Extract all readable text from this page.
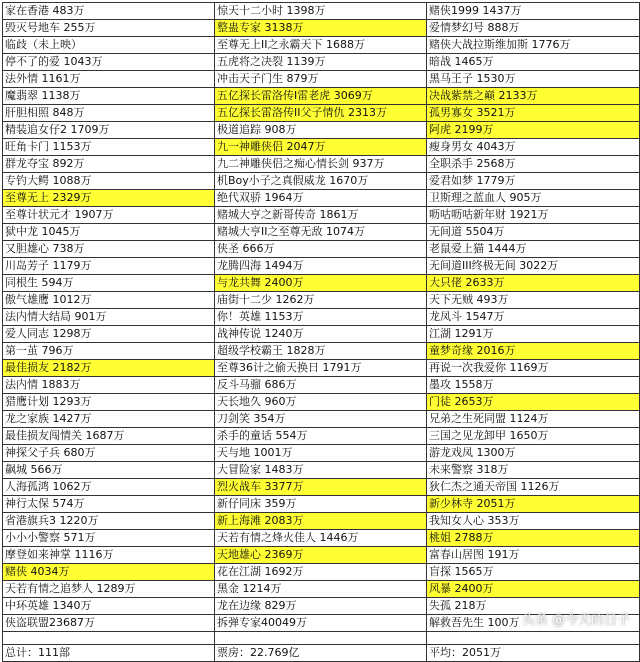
家在香港 483万	惊天十二小时 1398万	赌侠1999 1437万
毁灭号地车 255万	整蛊专家 3138万	爱情梦幻号 888万
临歧（未上映）	至尊无上II之永霸天下 1688万	赌侠大战拉斯维加斯 1776万
停不了的爱 1043万	五虎将之决裂 1139万	暗战 1465万
法外情 1161万	冲击天子门生 879万	黑马王子 1530万
魔翡翠 1138万	五亿探长雷洛传I雷老虎 3069万	决战紫禁之巅 2133万
肝胆相照 848万	五亿探长雷洛传II父子情仇 2313万	孤男寡女 3521万
精装追女仔2 1709万	极道追踪 908万	阿虎 2199万
旺角卡门 1153万	九一神雕侠侣 2047万	瘦身男女 4043万
群龙夺宝 892万	九二神雕侠侣之痴心情长剑 937万	全职杀手 2568万
专钓大鳄 1088万	机Boy小子之真假威龙 1670万	爱君如梦 1779万
至尊无上 2329万	绝代双骄 1964万	卫斯理之蓝血人 905万
至尊计状元才 1907万	赌城大亨之新哥传奇 1861万	呖咕呖咕新年财 1921万
狱中龙 1045万	赌城大亨II之至尊无敌 1074万	无间道 5504万
又胆雄心 738万	侠圣 666万	老鼠爱上猫 1444万
川岛芳子 1179万	龙腾四海 1494万	无间道III终极无间 3022万
同根生 594万	与龙共舞 2400万	大只佬 2633万
傲气雄鹰 1012万	庙街十二少 1262万	天下无贼 493万
法内情大结局 901万	你！英雄 1153万	龙凤斗 1547万
爱人同志 1298万	战神传说 1240万	江湖 1291万
第一茧 796万	超级学校霸王 1828万	童梦奇缘 2016万
最佳损友 2182万	至尊36计之偷天换日 1791万	再说一次我爱你 1169万
法内情 1883万	反斗马骝 686万	墨攻 1558万
猎鹰计划 1293万	天长地久 960万	门徒 2653万
龙之家族 1427万	刀剑笑 354万	兄弟之生死同盟 1124万
最佳损友闯情关 1687万	杀手的童话 554万	三国之见龙卸甲 1650万
神探父子兵 680万	天与地 1001万	游龙戏凤 1300万
飙城 566万	大冒险家 1483万	未来警察 318万
人海孤鸿 1062万	烈火战车 3377万	狄仁杰之通天帝国 1126万
神行太保 574万	新仔同床 359万	新少林寺 2051万
省港旗兵3 1220万	新上海滩 2083万	我知女人心 353万
小小小警察 571万	天若有情之烽火佳人 1446万	桃姐 2788万
摩登如来神掌 1116万	天地雄心 2369万	富春山居图 191万
赌侠 4034万	花在江湖 1692万	盲探 1565万
天若有情之追梦人 1289万	黑金 1214万	风暴 2400万
中环英雄 1340万	龙在边缘 829万	失孤 218万
侠盗联盟23687万	拆弹专家40049万	解救吾先生 100万

总计：111部	票房：22.769亿	平均：2051万
头条 @今天的日子
